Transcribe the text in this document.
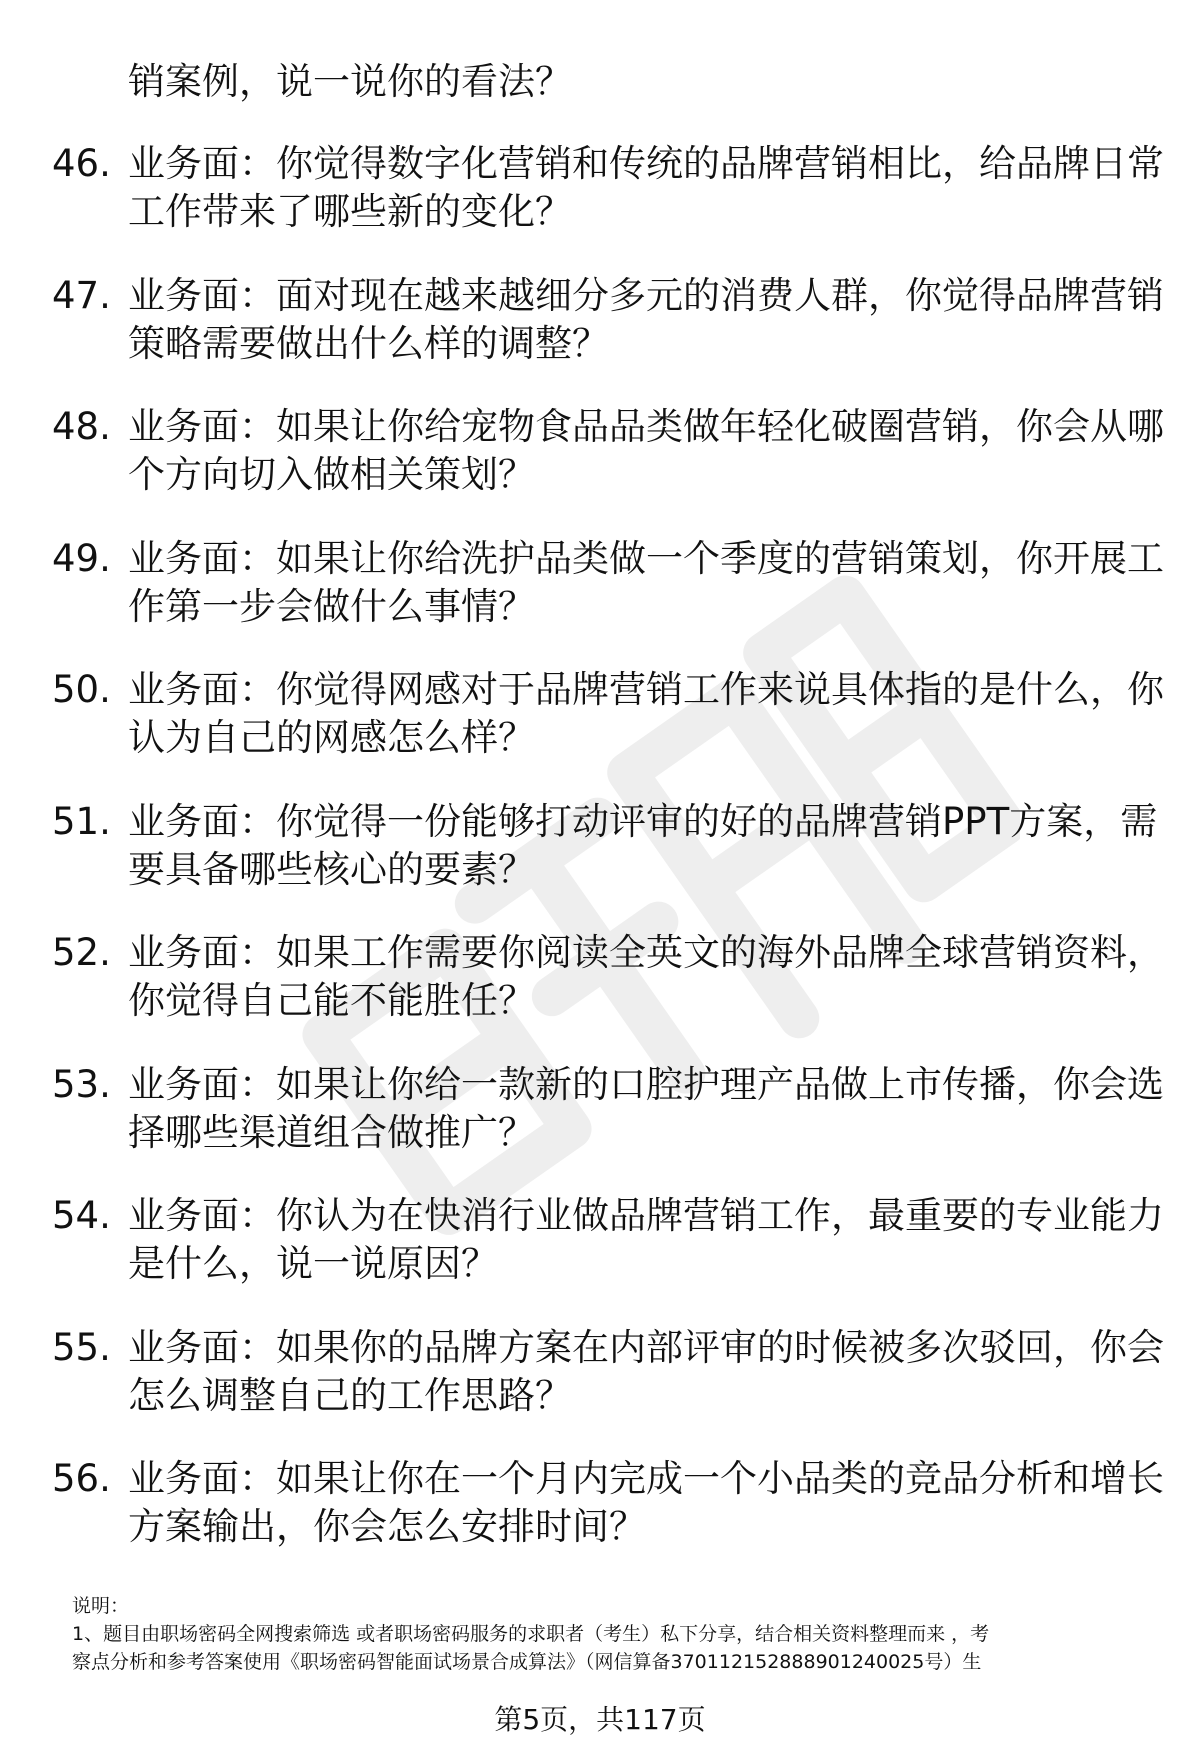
销案例，说一说你的看法？
46. 业务面：你觉得数字化营销和传统的品牌营销相比，给品牌日常
工作带来了哪些新的变化？
47. 业务面：面对现在越来越细分多元的消费人群，你觉得品牌营销
策略需要做出什么样的调整？
48. 业务面：如果让你给宠物食品品类做年轻化破圈营销，你会从哪
个方向切入做相关策划？
49. 业务面：如果让你给洗护品类做一个季度的营销策划，你开展工
作第一步会做什么事情？
50. 业务面：你觉得网感对于品牌营销工作来说具体指的是什么，你
认为自己的网感怎么样？
51. 业务面：你觉得一份能够打动评审的好的品牌营销PPT方案，需
要具备哪些核心的要素？
52. 业务面：如果工作需要你阅读全英文的海外品牌全球营销资料，
你觉得自己能不能胜任？
53. 业务面：如果让你给一款新的口腔护理产品做上市传播，你会选
择哪些渠道组合做推广？
54. 业务面：你认为在快消行业做品牌营销工作，最重要的专业能力
是什么，说一说原因？
55. 业务面：如果你的品牌方案在内部评审的时候被多次驳回，你会
怎么调整自己的工作思路？
56. 业务面：如果让你在一个月内完成一个小品类的竞品分析和增长
方案输出，你会怎么安排时间？
说明：
1、题目由职场密码全网搜索筛选 或者职场密码服务的求职者（考生）私下分享，结合相关资料整理而来 ，考
察点分析和参考答案使用《职场密码智能面试场景合成算法》（网信算备370112152888901240025号）生
第5页，共117页
